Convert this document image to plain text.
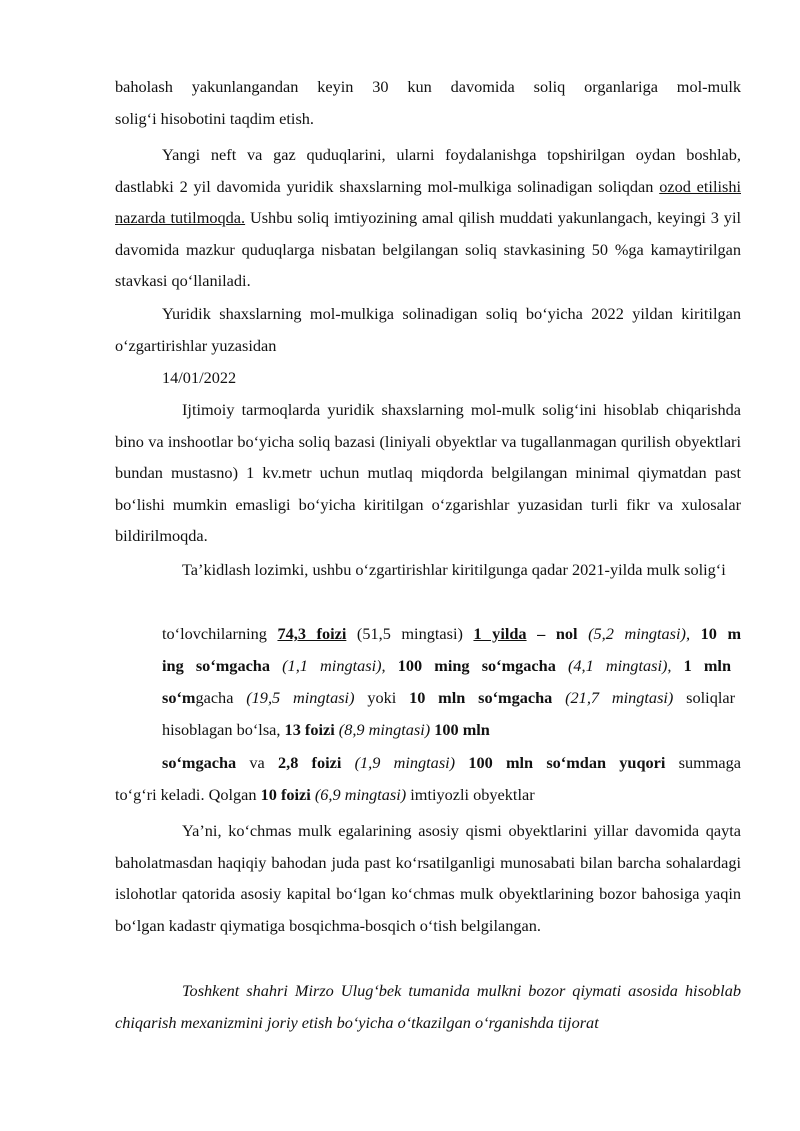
baholash yakunlangandan keyin 30 kun davomida soliq organlariga mol-mulk
solig‘i hisobotini taqdim etish.

Yangi neft va gaz quduqlarini, ularni foydalanishga topshirilgan oydan boshlab, dastlabki 2 yil davomida yuridik shaxslarning mol-mulkiga solinadigan soliqdan ozod etilishi nazarda tutilmoqda. Ushbu soliq imtiyozining amal qilish muddati yakunlangach, keyingi 3 yil davomida mazkur quduqlarga nisbatan belgilangan soliq stavkasining 50 %ga kamaytirilgan stavkasi qo‘llaniladi.

Yuridik shaxslarning mol-mulkiga solinadigan soliq bo‘yicha 2022 yildan kiritilgan o‘zgartirishlar yuzasidan

14/01/2022

Ijtimoiy tarmoqlarda yuridik shaxslarning mol-mulk solig‘ini hisoblab chiqarishda bino va inshootlar bo‘yicha soliq bazasi (liniyali obyektlar va tugallanmagan qurilish obyektlari bundan mustasno) 1 kv.metr uchun mutlaq miqdorda belgilangan minimal qiymatdan past bo‘lishi mumkin emasligi bo‘yicha kiritilgan o‘zgarishlar yuzasidan turli fikr va xulosalar bildirilmoqda.

Ta’kidlash lozimki, ushbu o‘zgartirishlar kiritilgunga qadar 2021-yilda mulk solig‘i

to‘lovchilarning 74,3 foizi (51,5 mingtasi) 1 yilda – nol (5,2 mingtasi), 10 m
ing so‘mgacha (1,1 mingtasi), 100 ming so‘mgacha (4,1 mingtasi), 1 mln
so‘mgacha (19,5 mingtasi) yoki 10 mln so‘mgacha (21,7 mingtasi) soliqlar
hisoblagan bo‘lsa, 13 foizi (8,9 mingtasi) 100 mln
so‘mgacha va 2,8 foizi (1,9 mingtasi) 100 mln so‘mdan yuqori summaga
to‘g‘ri keladi. Qolgan 10 foizi (6,9 mingtasi) imtiyozli obyektlar

Ya’ni, ko‘chmas mulk egalarining asosiy qismi obyektlarini yillar davomida qayta baholatmasdan haqiqiy bahodan juda past ko‘rsatilganligi munosabati bilan barcha sohalardagi islohotlar qatorida asosiy kapital bo‘lgan ko‘chmas mulk obyektlarining bozor bahosiga yaqin bo‘lgan kadastr qiymatiga bosqichma-bosqich o‘tish belgilangan.

Toshkent shahri Mirzo Ulug‘bek tumanida mulkni bozor qiymati asosida hisoblab chiqarish mexanizmini joriy etish bo‘yicha o‘tkazilgan o‘rganishda tijorat
